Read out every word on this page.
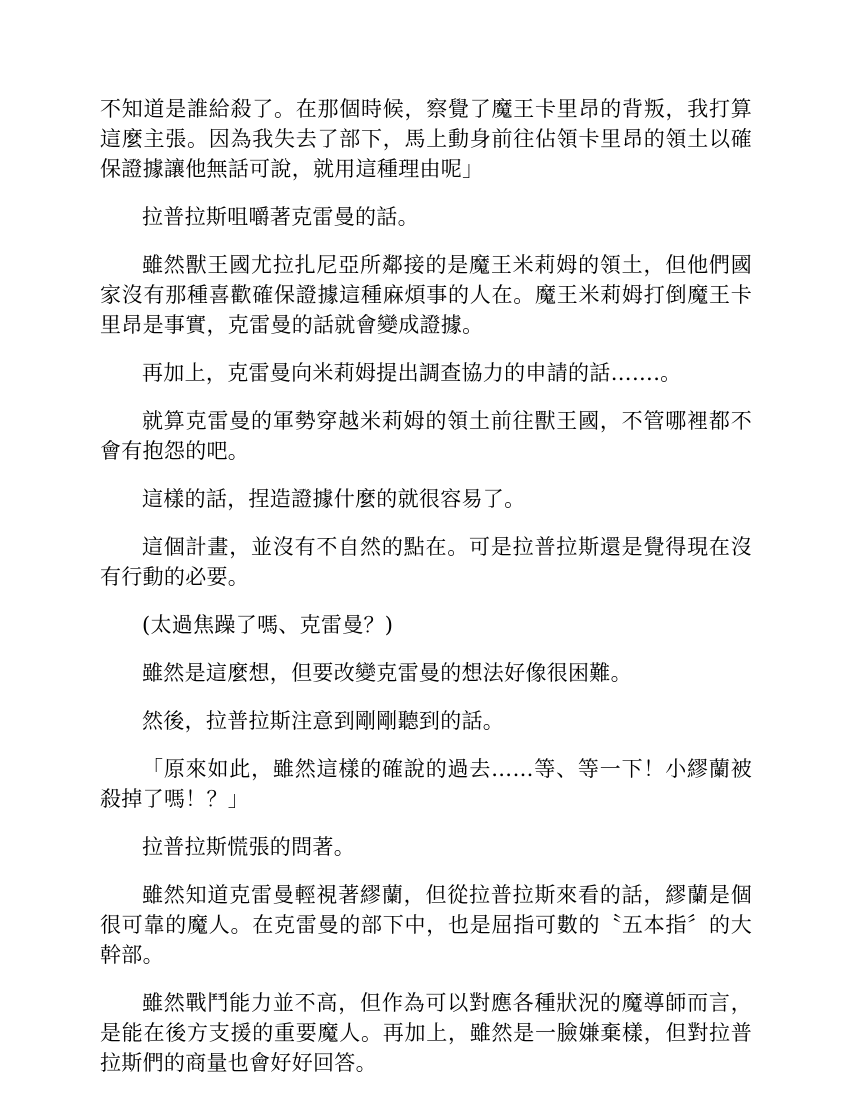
不知道是誰給殺了。在那個時候，察覺了魔王卡里昂的背叛，我打算這麼主張。因為我失去了部下，馬上動身前往佔領卡里昂的領土以確保證據讓他無話可說，就用這種理由呢」

拉普拉斯咀嚼著克雷曼的話。

雖然獸王國尤拉扎尼亞所鄰接的是魔王米莉姆的領土，但他們國家沒有那種喜歡確保證據這種麻煩事的人在。魔王米莉姆打倒魔王卡里昂是事實，克雷曼的話就會變成證據。

再加上，克雷曼向米莉姆提出調查協力的申請的話…….。

就算克雷曼的軍勢穿越米莉姆的領土前往獸王國，不管哪裡都不會有抱怨的吧。

這樣的話，捏造證據什麼的就很容易了。

這個計畫，並沒有不自然的點在。可是拉普拉斯還是覺得現在沒有行動的必要。

(太過焦躁了嗎、克雷曼？)

雖然是這麼想，但要改變克雷曼的想法好像很困難。

然後，拉普拉斯注意到剛剛聽到的話。

「原來如此，雖然這樣的確說的過去……等、等一下！小繆蘭被殺掉了嗎！？」

拉普拉斯慌張的問著。

雖然知道克雷曼輕視著繆蘭，但從拉普拉斯來看的話，繆蘭是個很可靠的魔人。在克雷曼的部下中，也是屈指可數的〝五本指〞的大幹部。

雖然戰鬥能力並不高，但作為可以對應各種狀況的魔導師而言，是能在後方支援的重要魔人。再加上，雖然是一臉嫌棄樣，但對拉普拉斯們的商量也會好好回答。
